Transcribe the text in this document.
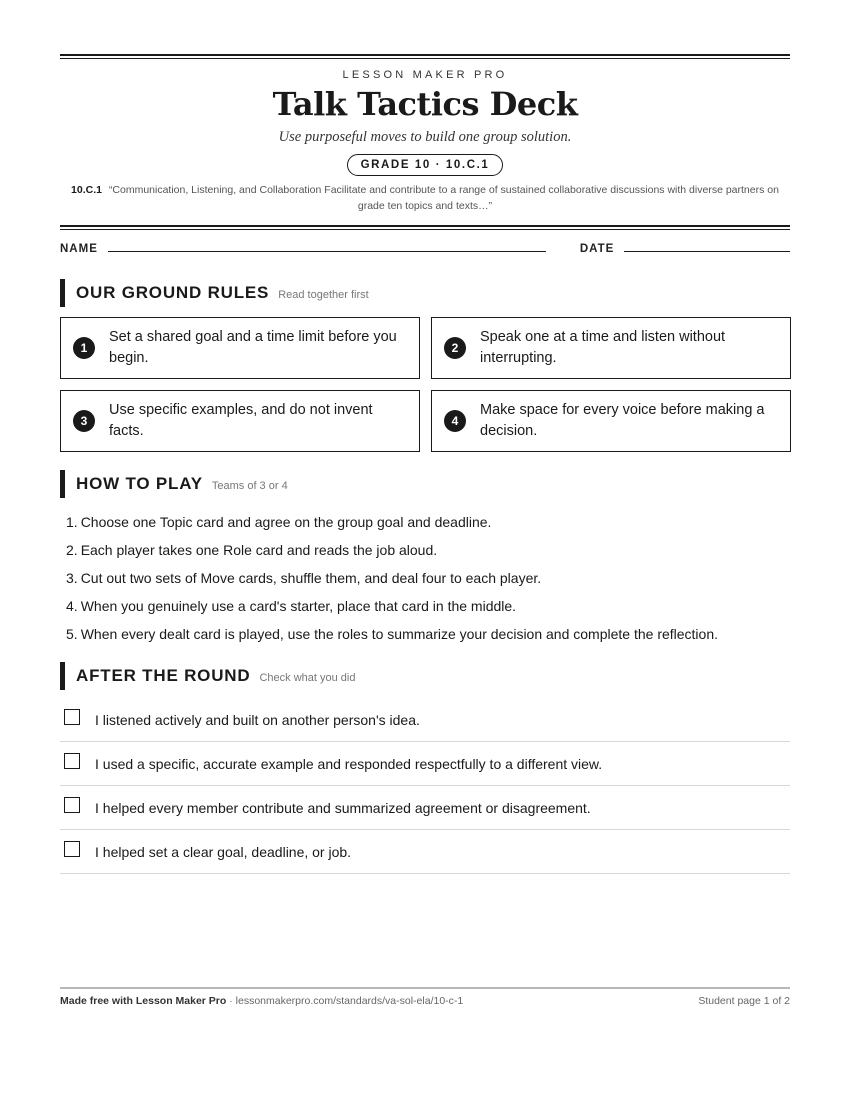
LESSON MAKER PRO
Talk Tactics Deck
Use purposeful moves to build one group solution.
GRADE 10 · 10.C.1
10.C.1 “Communication, Listening, and Collaboration Facilitate and contribute to a range of sustained collaborative discussions with diverse partners on grade ten topics and texts…”
NAME	DATE
OUR GROUND RULES Read together first
1
Set a shared goal and a time limit before you begin.
2
Speak one at a time and listen without interrupting.
3
Use specific examples, and do not invent facts.
4
Make space for every voice before making a decision.
HOW TO PLAY Teams of 3 or 4
1. Choose one Topic card and agree on the group goal and deadline.
2. Each player takes one Role card and reads the job aloud.
3. Cut out two sets of Move cards, shuffle them, and deal four to each player.
4. When you genuinely use a card's starter, place that card in the middle.
5. When every dealt card is played, use the roles to summarize your decision and complete the reflection.
AFTER THE ROUND Check what you did
I listened actively and built on another person's idea.
I used a specific, accurate example and responded respectfully to a different view.
I helped every member contribute and summarized agreement or disagreement.
I helped set a clear goal, deadline, or job.
Made free with Lesson Maker Pro · lessonmakerpro.com/standards/va-sol-ela/10-c-1	Student page 1 of 2
